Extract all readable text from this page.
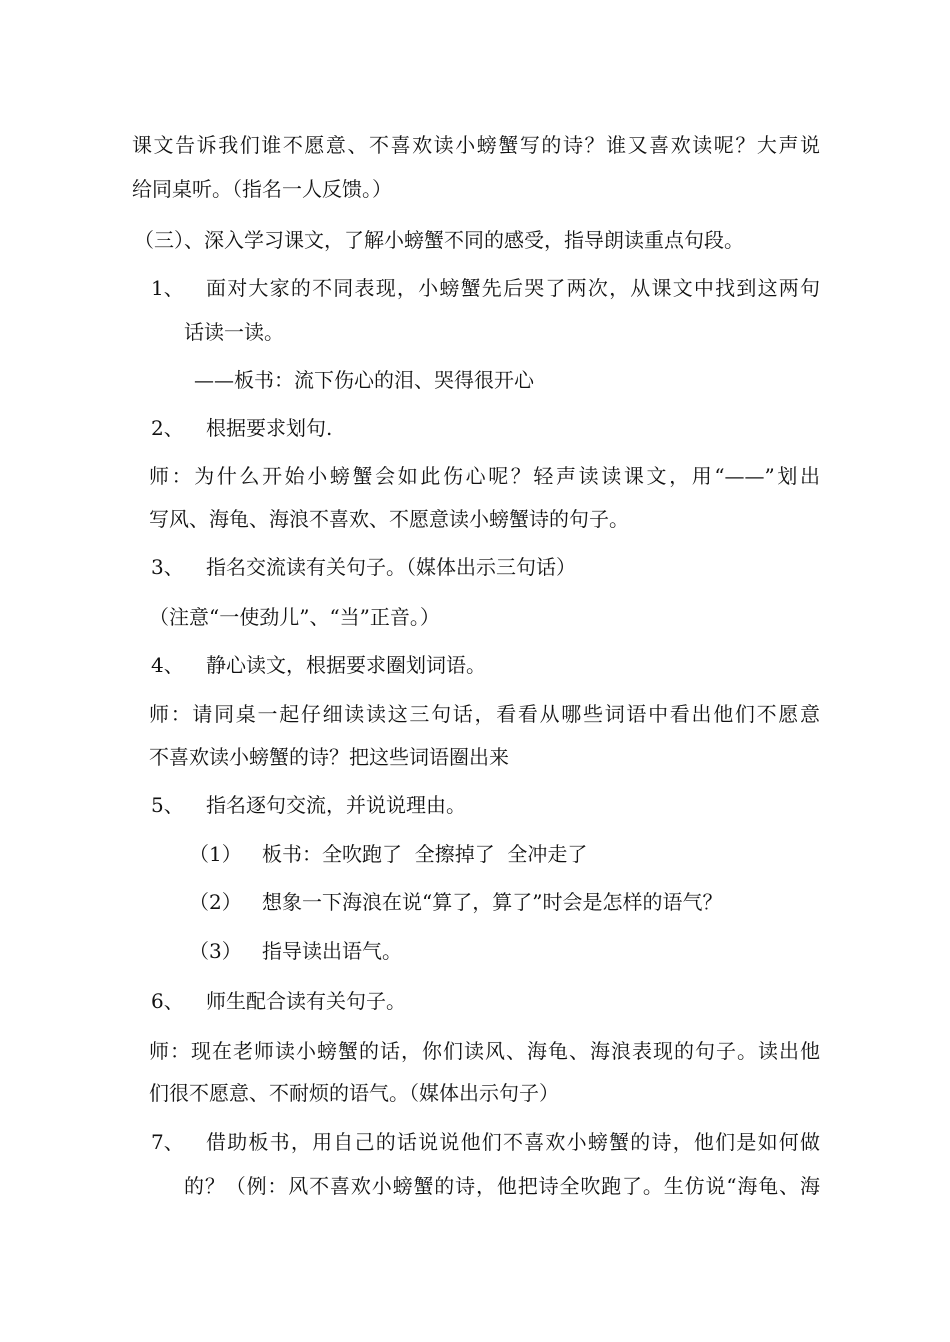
课文告诉我们谁不愿意、不喜欢读小螃蟹写的诗？谁又喜欢读呢？大声说
给同桌听。（指名一人反馈。）
（三）、深入学习课文，了解小螃蟹不同的感受，指导朗读重点句段。
1、 面对大家的不同表现，小螃蟹先后哭了两次，从课文中找到这两句
话读一读。
——板书：流下伤心的泪、哭得很开心
2、 根据要求划句.
师：为什么开始小螃蟹会如此伤心呢？轻声读读课文，用“——”划出
写风、海龟、海浪不喜欢、不愿意读小螃蟹诗的句子。
3、 指名交流读有关句子。（媒体出示三句话）
（注意“一使劲儿”、“当”正音。）
4、 静心读文，根据要求圈划词语。
师：请同桌一起仔细读读这三句话，看看从哪些词语中看出他们不愿意
不喜欢读小螃蟹的诗？把这些词语圈出来
5、 指名逐句交流，并说说理由。
（1） 板书：全吹跑了  全擦掉了  全冲走了
（2） 想象一下海浪在说“算了，算了”时会是怎样的语气？
（3） 指导读出语气。
6、 师生配合读有关句子。
师：现在老师读小螃蟹的话，你们读风、海龟、海浪表现的句子。读出他
们很不愿意、不耐烦的语气。（媒体出示句子）
7、 借助板书，用自己的话说说他们不喜欢小螃蟹的诗，他们是如何做
的？（例：风不喜欢小螃蟹的诗，他把诗全吹跑了。生仿说“海龟、海
